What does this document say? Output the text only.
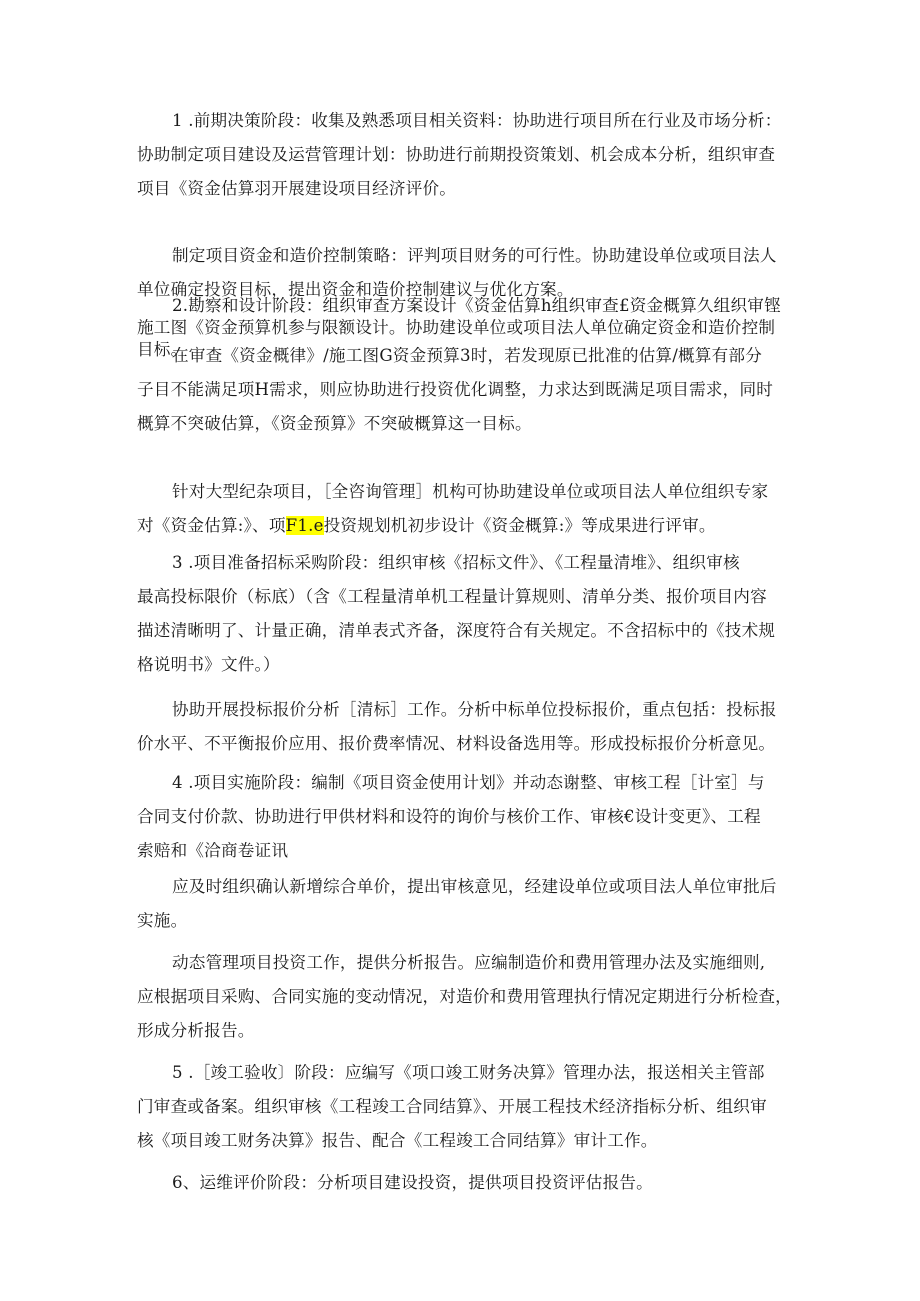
1 .前期决策阶段：收集及熟悉项目相关资料：协助进行项目所在行业及市场分析：
协助制定项目建设及运营管理计划：协助进行前期投资策划、机会成本分析，组织审查
项目《资金估算羽开展建设项目经济评价。

制定项目资金和造价控制策略：评判项目财务的可行性。协助建设单位或项目法人
单位确定投资目标，提出资金和造价控制建议与优化方案。

2.勘察和设计阶段：组织审查方案设计《资金估算h组织审查£资金概算久组织审铿
施工图《资金预算机参与限额设计。协助建设单位或项目法人单位确定资金和造价控制
目标。

在审查《资金概律》/施工图G资金预算3时，若发现原已批准的估算/概算有部分
子目不能满足项H需求，则应协助进行投资优化调整，力求达到既满足项目需求，同时
概算不突破估算，《资金预算》不突破概算这一目标。

针对大型纪杂项目，［全咨询管理］机构可协助建设单位或项目法人单位组织专家
对《资金估算:》、项F1.e投资规划机初步设计《资金概算:》等成果进行评审。

3 .项目准备招标采购阶段：组织审核《招标文件》、《工程量清堆》、组织审核
最高投标限价（标底）（含《工程量清单机工程量计算规则、清单分类、报价项目内容
描述清晰明了、计量正确，清单表式齐备，深度符合有关规定。不含招标中的《技术规
格说明书》文件。）

协助开展投标报价分析［清标］工作。分析中标单位投标报价，重点包括：投标报
价水平、不平衡报价应用、报价费率情况、材料设备选用等。形成投标报价分析意见。

4 .项目实施阶段：编制《项目资金使用计划》并动态谢整、审核工程［计室］与
合同支付价款、协助进行甲供材料和设符的询价与核价工作、审核€设计变更》、工程
索赔和《洽商卷证讯

应及时组织确认新增综合单价，提出审核意见，经建设单位或项目法人单位审批后
实施。

动态管理项目投资工作，提供分析报告。应编制造价和费用管理办法及实施细则,
应根据项目采购、合同实施的变动情况，对造价和费用管理执行情况定期进行分析检查，
形成分析报告。

5 .［竣工验收〕阶段：应编写《项口竣工财务决算》管理办法，报送相关主管部
门审查或备案。组织审核《工程竣工合同结算》、开展工程技术经济指标分析、组织审
核《项目竣工财务决算》报告、配合《工程竣工合同结算》审计工作。

6、运维评价阶段：分析项目建设投资，提供项目投资评估报告。
